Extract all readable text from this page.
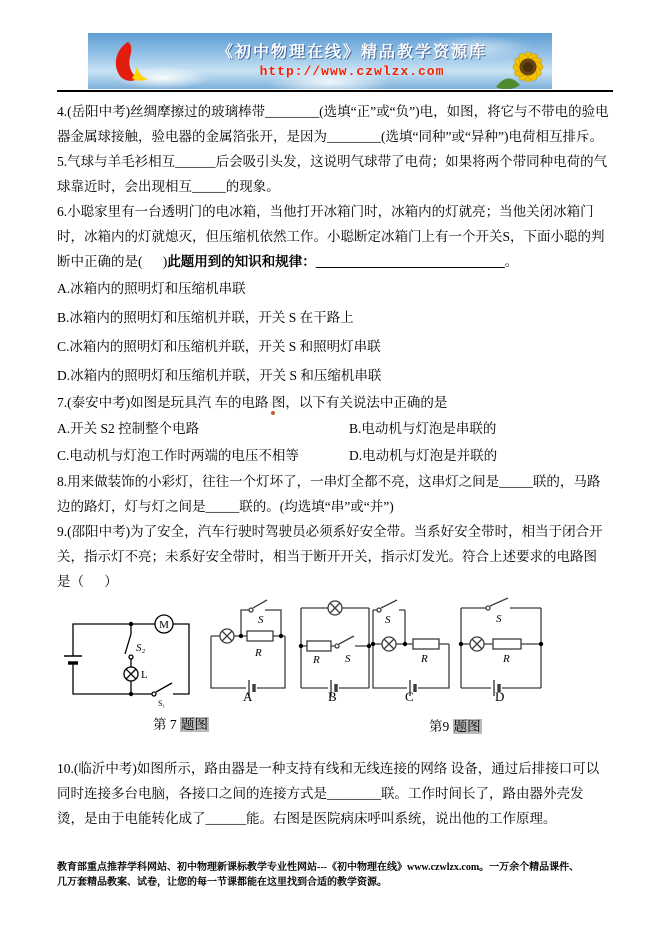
《初中物理在线》精品教学资源库
http://www.czwlzx.com

4.(岳阳中考)丝绸摩擦过的玻璃棒带________(选填“正”或“负”)电，如图，将它与不带电的验电器金属球接触，验电器的金属箔张开，是因为________(选填“同种”或“异种”)电荷相互排斥。

5.气球与羊毛衫相互______后会吸引头发，这说明气球带了电荷；如果将两个带同种电荷的气球靠近时，会出现相互_____的现象。

6.小聪家里有一台透明门的电冰箱，当他打开冰箱门时，冰箱内的灯就亮；当他关闭冰箱门时，冰箱内的灯就熄灭，但压缩机依然工作。小聪断定冰箱门上有一个开关S，下面小聪的判断中正确的是(      )此题用到的知识和规律：____________________________。

A.冰箱内的照明灯和压缩机串联
B.冰箱内的照明灯和压缩机并联，开关 S 在干路上
C.冰箱内的照明灯和压缩机并联，开关 S 和照明灯串联
D.冰箱内的照明灯和压缩机并联，开关 S 和压缩机串联

7.(泰安中考)如图是玩具汽 车的电路 图，以下有关说法中正确的是

A.开关 S2 控制整个电路	B.电动机与灯泡是串联的
C.电动机与灯泡工作时两端的电压不相等	D.电动机与灯泡是并联的

8.用来做装饰的小彩灯，往往一个灯坏了，一串灯全都不亮，这串灯之间是_____联的，马路边的路灯，灯与灯之间是_____联的。(均选填“串”或“并”)

9.(邵阳中考)为了安全，汽车行驶时驾驶员必须系好安全带。当系好安全带时，相当于闭合开关，指示灯不亮；未系好安全带时，相当于断开开关，指示灯发光。符合上述要求的电路图是（      ）

M
S₂
L
S₁
第 7 题图
S
R
A
R S
B
S
R
C
S
R
D
第9 题图

10.(临沂中考)如图所示，路由器是一种支持有线和无线连接的网络 设备，通过后排接口可以同时连接多台电脑，各接口之间的连接方式是________联。工作时间长了，路由器外壳发烫，是由于电能转化成了______能。右图是医院病床呼叫系统，说出他的工作原理。

教育部重点推荐学科网站、初中物理新课标教学专业性网站---《初中物理在线》www.czwlzx.com。一万余个精品课件、
几万套精品教案、试卷，让您的每一节课都能在这里找到合适的教学资源。
